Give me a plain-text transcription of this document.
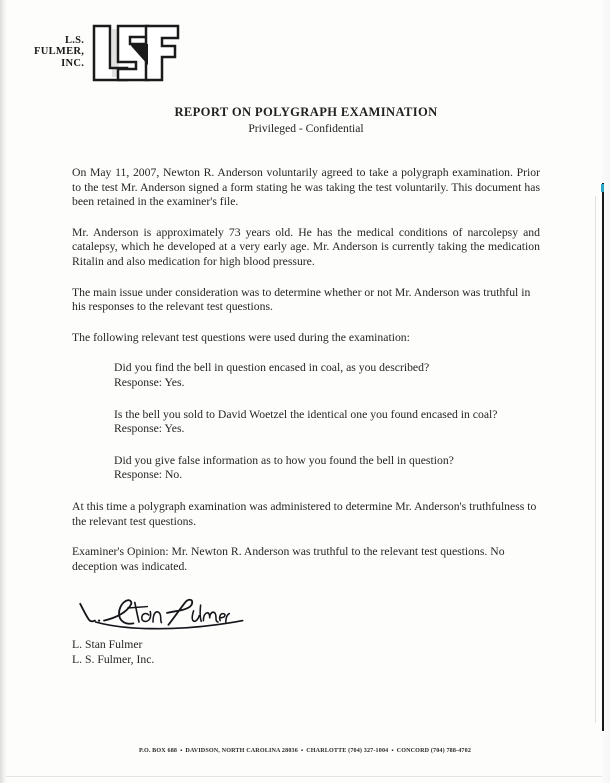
L.S.
FULMER,
INC.
REPORT ON POLYGRAPH EXAMINATION
Privileged - Confidential

On May 11, 2007, Newton R. Anderson voluntarily agreed to take a polygraph examination. Prior to the test Mr. Anderson signed a form stating he was taking the test voluntarily. This document has been retained in the examiner's file.

Mr. Anderson is approximately 73 years old. He has the medical conditions of narcolepsy and catalepsy, which he developed at a very early age. Mr. Anderson is currently taking the medication Ritalin and also medication for high blood pressure.

The main issue under consideration was to determine whether or not Mr. Anderson was truthful in his responses to the relevant test questions.

The following relevant test questions were used during the examination:

Did you find the bell in question encased in coal, as you described?
Response: Yes.
Is the bell you sold to David Woetzel the identical one you found encased in coal?
Response: Yes.
Did you give false information as to how you found the bell in question?
Response: No.

At this time a polygraph examination was administered to determine Mr. Anderson's truthfulness to the relevant test questions.

Examiner's Opinion: Mr. Newton R. Anderson was truthful to the relevant test questions. No deception was indicated.

L. Stan Fulmer
L. S. Fulmer, Inc.
P.O. BOX 688 ▪ DAVIDSON, NORTH CAROLINA 28036 ▪ CHARLOTTE (704) 327-1004 ▪ CONCORD (704) 788-4702
